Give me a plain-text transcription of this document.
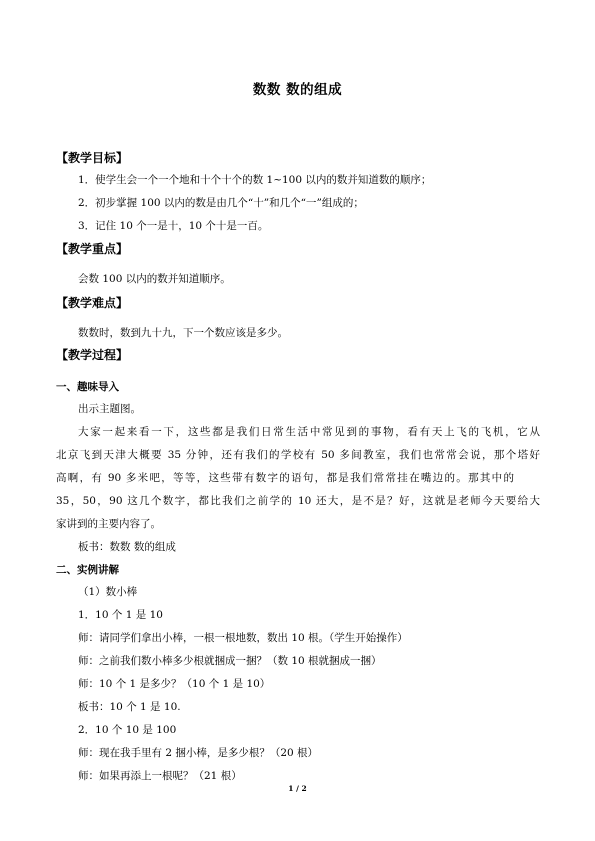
数数 数的组成
【教学目标】
1．使学生会一个一个地和十个十个的数 1~100 以内的数并知道数的顺序；
2．初步掌握 100 以内的数是由几个“十”和几个“一”组成的；
3．记住 10 个一是十，10 个十是一百。
【教学重点】
会数 100 以内的数并知道顺序。
【教学难点】
数数时，数到九十九，下一个数应该是多少。
【教学过程】
一、趣味导入
出示主题图。
大家一起来看一下，这些都是我们日常生活中常见到的事物，看有天上飞的飞机，它从
北京飞到天津大概要 35 分钟，还有我们的学校有 50 多间教室，我们也常常会说，那个塔好
高啊，有 90 多米吧，等等，这些带有数字的语句，都是我们常常挂在嘴边的。那其中的
35，50，90 这几个数字，都比我们之前学的 10 还大，是不是？好，这就是老师今天要给大
家讲到的主要内容了。
板书：数数 数的组成
二、实例讲解
（1）数小棒
1．10 个 1 是 10
师：请同学们拿出小棒，一根一根地数，数出 10 根。（学生开始操作）
师：之前我们数小棒多少根就捆成一捆？（数 10 根就捆成一捆）
师：10 个 1 是多少？（10 个 1 是 10）
板书：10 个 1 是 10.
2．10 个 10 是 100
师：现在我手里有 2 捆小棒，是多少根？（20 根）
师：如果再添上一根呢？（21 根）
1 / 2
